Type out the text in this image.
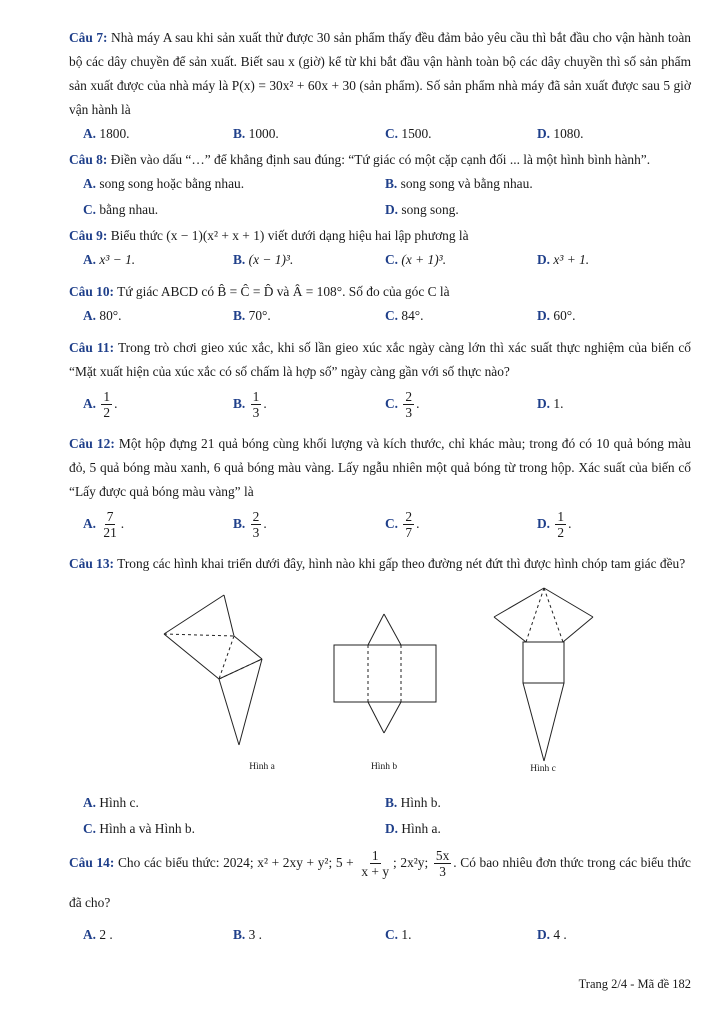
Câu 7: Nhà máy A sau khi sản xuất thử được 30 sản phẩm thấy đều đảm bảo yêu cầu thì bắt đầu cho vận hành toàn bộ các dây chuyền để sản xuất. Biết sau x (giờ) kể từ khi bắt đầu vận hành toàn bộ các dây chuyền thì số sản phẩm sản xuất được của nhà máy là P(x) = 30x² + 60x + 30 (sản phẩm). Số sản phẩm nhà máy đã sản xuất được sau 5 giờ vận hành là
A. 1800.	B. 1000.	C. 1500.	D. 1080.
Câu 8: Điền vào dấu “…” để khẳng định sau đúng: “Tứ giác có một cặp cạnh đối ... là một hình bình hành”.
A. song song hoặc bằng nhau.	B. song song và bằng nhau.
C. bằng nhau.	D. song song.
Câu 9: Biểu thức (x − 1)(x² + x + 1) viết dưới dạng hiệu hai lập phương là
A. x³ − 1.	B. (x − 1)³.	C. (x + 1)³.	D. x³ + 1.
Câu 10: Tứ giác ABCD có B̂ = Ĉ = D̂ và Â = 108°. Số đo của góc C là
A. 80°.	B. 70°.	C. 84°.	D. 60°.
Câu 11: Trong trò chơi gieo xúc xắc, khi số lần gieo xúc xắc ngày càng lớn thì xác suất thực nghiệm của biến cố “Mặt xuất hiện của xúc xắc có số chấm là hợp số” ngày càng gần với số thực nào?
A. $\frac{1}{2}$ .	B. $\frac{1}{3}$ .	C. $\frac{2}{3}$ .	D. 1.
Câu 12: Một hộp đựng 21 quả bóng cùng khối lượng và kích thước, chỉ khác màu; trong đó có 10 quả bóng màu đỏ, 5 quả bóng màu xanh, 6 quả bóng màu vàng. Lấy ngẫu nhiên một quả bóng từ trong hộp. Xác suất của biến cố “Lấy được quả bóng màu vàng” là
A. $\frac{7}{21}$ .	B. $\frac{2}{3}$ .	C. $\frac{2}{7}$ .	D. $\frac{1}{2}$ .
Câu 13: Trong các hình khai triển dưới đây, hình nào khi gấp theo đường nét đứt thì được hình chóp tam giác đều?
Hình a	Hình b	Hình c
A. Hình c.	B. Hình b.
C. Hình a và Hình b.	D. Hình a.
Câu 14: Cho các biểu thức: 2024; x² + 2xy + y²; $5 + \frac{1}{x + y}$ ; 2x²y; $\frac{5x}{3}$ . Có bao nhiêu đơn thức trong các biểu thức đã cho?
A. 2 .	B. 3 .	C. 1.	D. 4 .
Trang 2/4 - Mã đề 182
